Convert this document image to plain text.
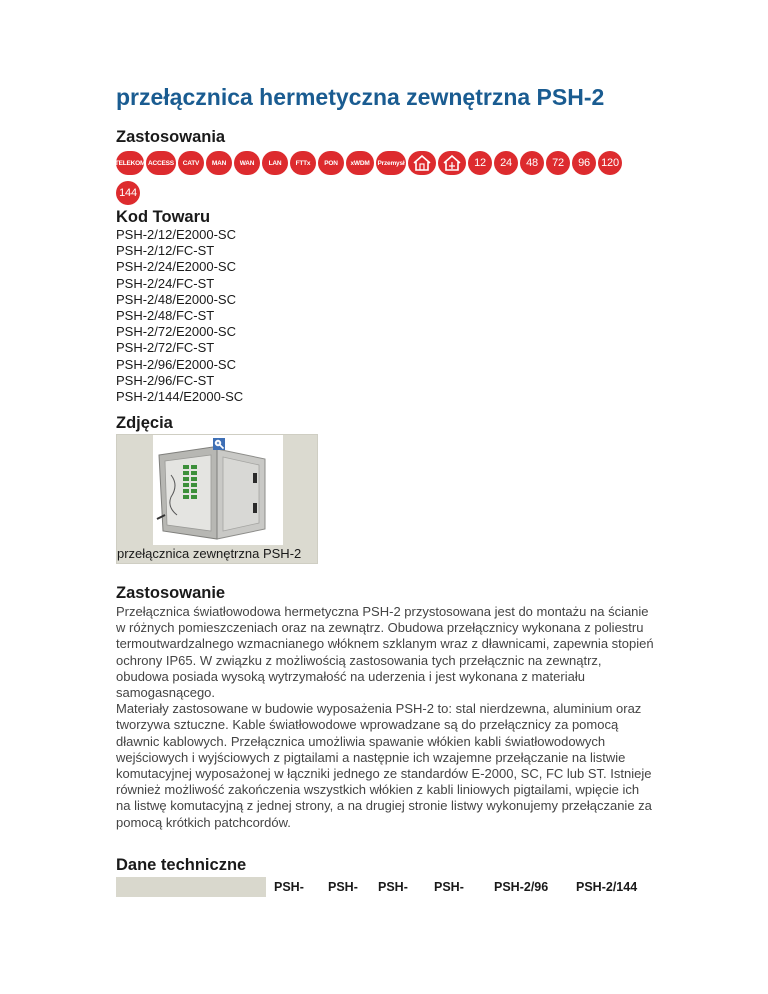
przełącznica hermetyczna zewnętrzna PSH-2
Zastosowania
TELEKOM ACCESS	CATV	MAN	WAN	LAN	FTTx	PON	xWDM	Przemysł	12	24	48	72	96	120
144
Kod Towaru
PSH-2/12/E2000-SC
PSH-2/12/FC-ST
PSH-2/24/E2000-SC
PSH-2/24/FC-ST
PSH-2/48/E2000-SC
PSH-2/48/FC-ST
PSH-2/72/E2000-SC
PSH-2/72/FC-ST
PSH-2/96/E2000-SC
PSH-2/96/FC-ST
PSH-2/144/E2000-SC
Zdjęcia
przełącznica zewnętrzna PSH-2
Zastosowanie

Przełącznica światłowodowa hermetyczna PSH-2 przystosowana jest do montażu na ścianie w różnych pomieszczeniach oraz na zewnątrz. Obudowa przełącznicy wykonana z poliestru termoutwardzalnego wzmacnianego włóknem szklanym wraz z dławnicami, zapewnia stopień ochrony IP65. W związku z możliwością zastosowania tych przełącznic na zewnątrz, obudowa posiada wysoką wytrzymałość na uderzenia i jest wykonana z materiału samogasnącego.

Materiały zastosowane w budowie wyposażenia PSH-2 to: stal nierdzewna, aluminium oraz tworzywa sztuczne. Kable światłowodowe wprowadzane są do przełącznicy za pomocą dławnic kablowych. Przełącznica umożliwia spawanie włókien kabli światłowodowych wejściowych i wyjściowych z pigtailami a następnie ich wzajemne przełączanie na listwie komutacyjnej wyposażonej w łączniki jednego ze standardów E-2000, SC, FC lub ST. Istnieje również możliwość zakończenia wszystkich włókien z kabli liniowych pigtailami, wpięcie ich na listwę komutacyjną z jednej strony, a na drugiej stronie listwy wykonujemy przełączanie za pomocą krótkich patchcordów.

Dane techniczne
PSH-	PSH-	PSH-	PSH-	PSH-2/96	PSH-2/144
